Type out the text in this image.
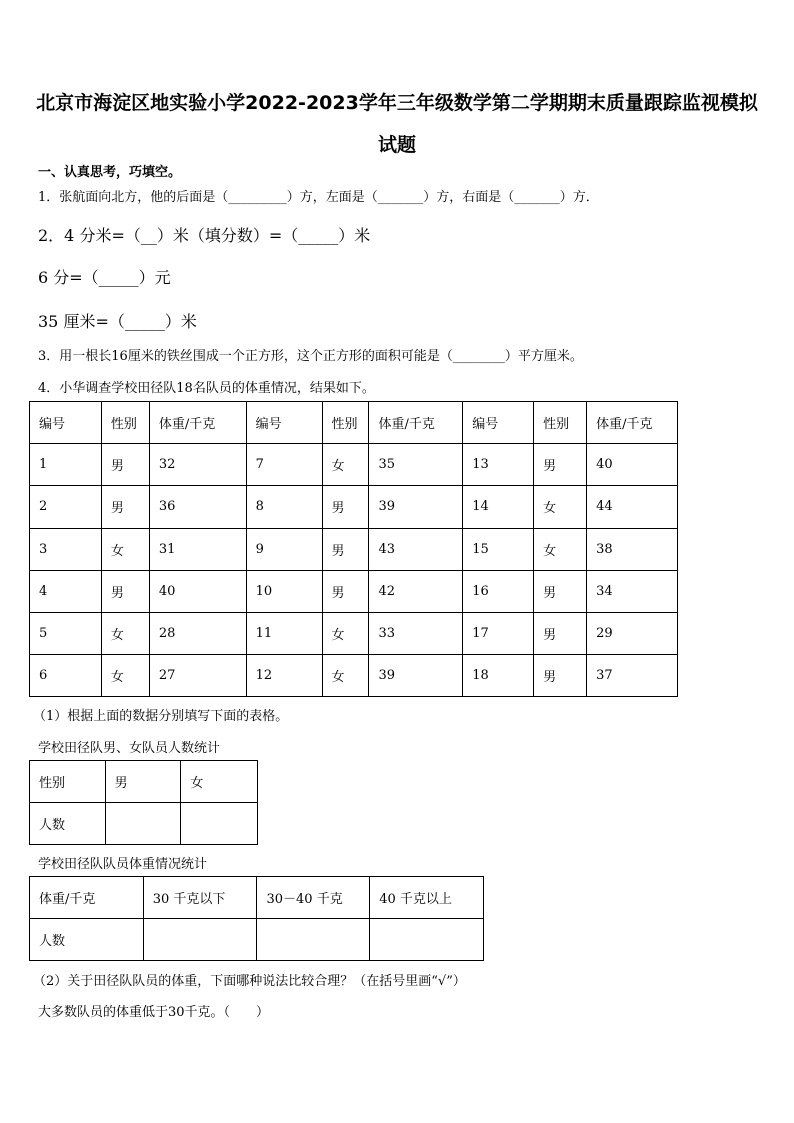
北京市海淀区地实验小学2022-2023学年三年级数学第二学期期末质量跟踪监视模拟
试题
一、认真思考，巧填空。
1．张航面向北方，他的后面是（_________）方，左面是（_______）方，右面是（_______）方．
2．4 分米=（__）米（填分数）=（_____）米
6 分=（_____）元
35 厘米=（_____）米
3．用一根长16厘米的铁丝围成一个正方形，这个正方形的面积可能是（________）平方厘米。
4．小华调查学校田径队18名队员的体重情况，结果如下。
编号	性别	体重/千克	编号	性别	体重/千克	编号	性别	体重/千克
1	男	32	7	女	35	13	男	40
2	男	36	8	男	39	14	女	44
3	女	31	9	男	43	15	女	38
4	男	40	10	男	42	16	男	34
5	女	28	11	女	33	17	男	29
6	女	27	12	女	39	18	男	37
（1）根据上面的数据分别填写下面的表格。
学校田径队男、女队员人数统计
性别	男	女
人数		
学校田径队队员体重情况统计
体重/千克	30 千克以下	30－40 千克	40 千克以上
人数			
（2）关于田径队队员的体重，下面哪种说法比较合理？（在括号里画“√”）
大多数队员的体重低于30千克。（　　）
